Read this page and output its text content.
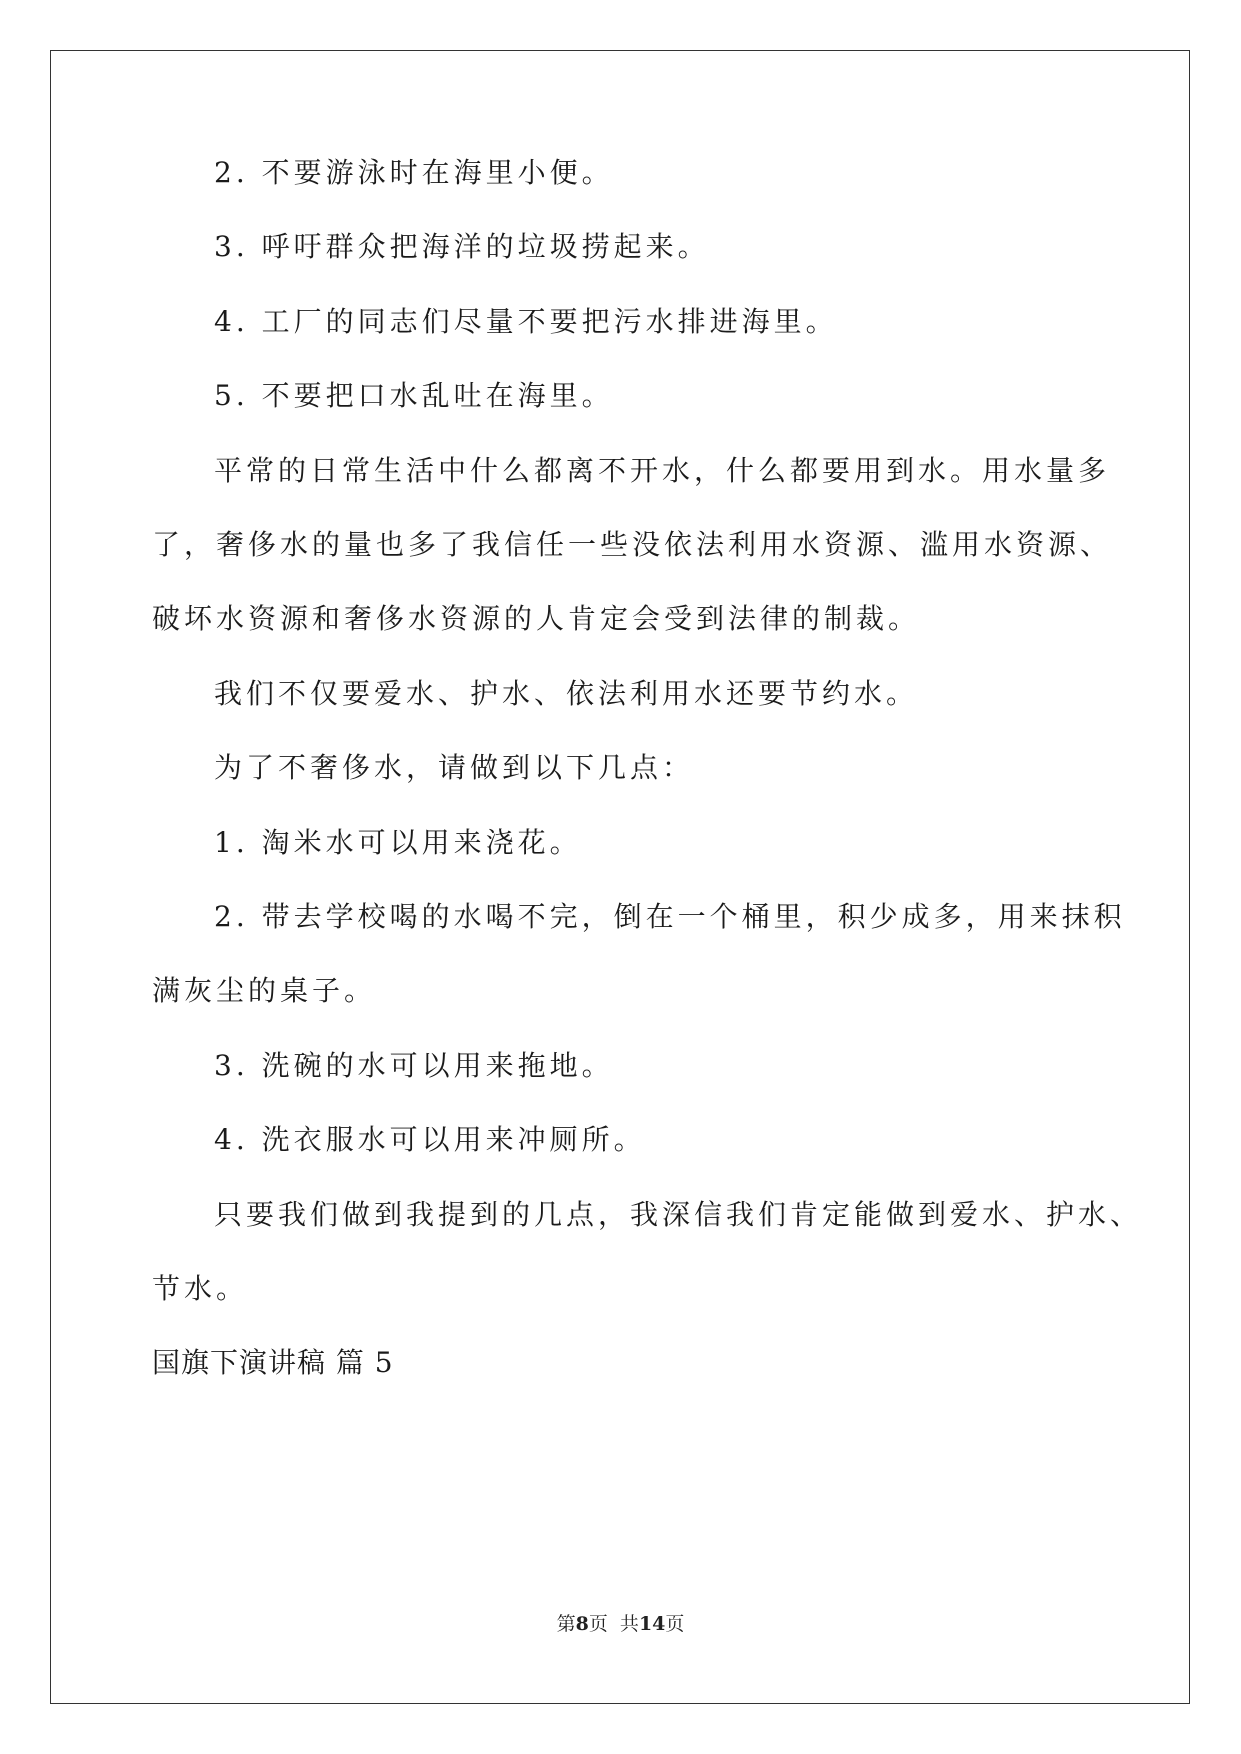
2. 不要游泳时在海里小便。
3. 呼吁群众把海洋的垃圾捞起来。
4. 工厂的同志们尽量不要把污水排进海里。
5. 不要把口水乱吐在海里。
平常的日常生活中什么都离不开水，什么都要用到水。用水量多
了，奢侈水的量也多了我信任一些没依法利用水资源、滥用水资源、
破坏水资源和奢侈水资源的人肯定会受到法律的制裁。
我们不仅要爱水、护水、依法利用水还要节约水。
为了不奢侈水，请做到以下几点：
1. 淘米水可以用来浇花。
2. 带去学校喝的水喝不完，倒在一个桶里，积少成多，用来抹积
满灰尘的桌子。
3. 洗碗的水可以用来拖地。
4. 洗衣服水可以用来冲厕所。
只要我们做到我提到的几点，我深信我们肯定能做到爱水、护水、
节水。
国旗下演讲稿 篇 5
第8页  共14页
